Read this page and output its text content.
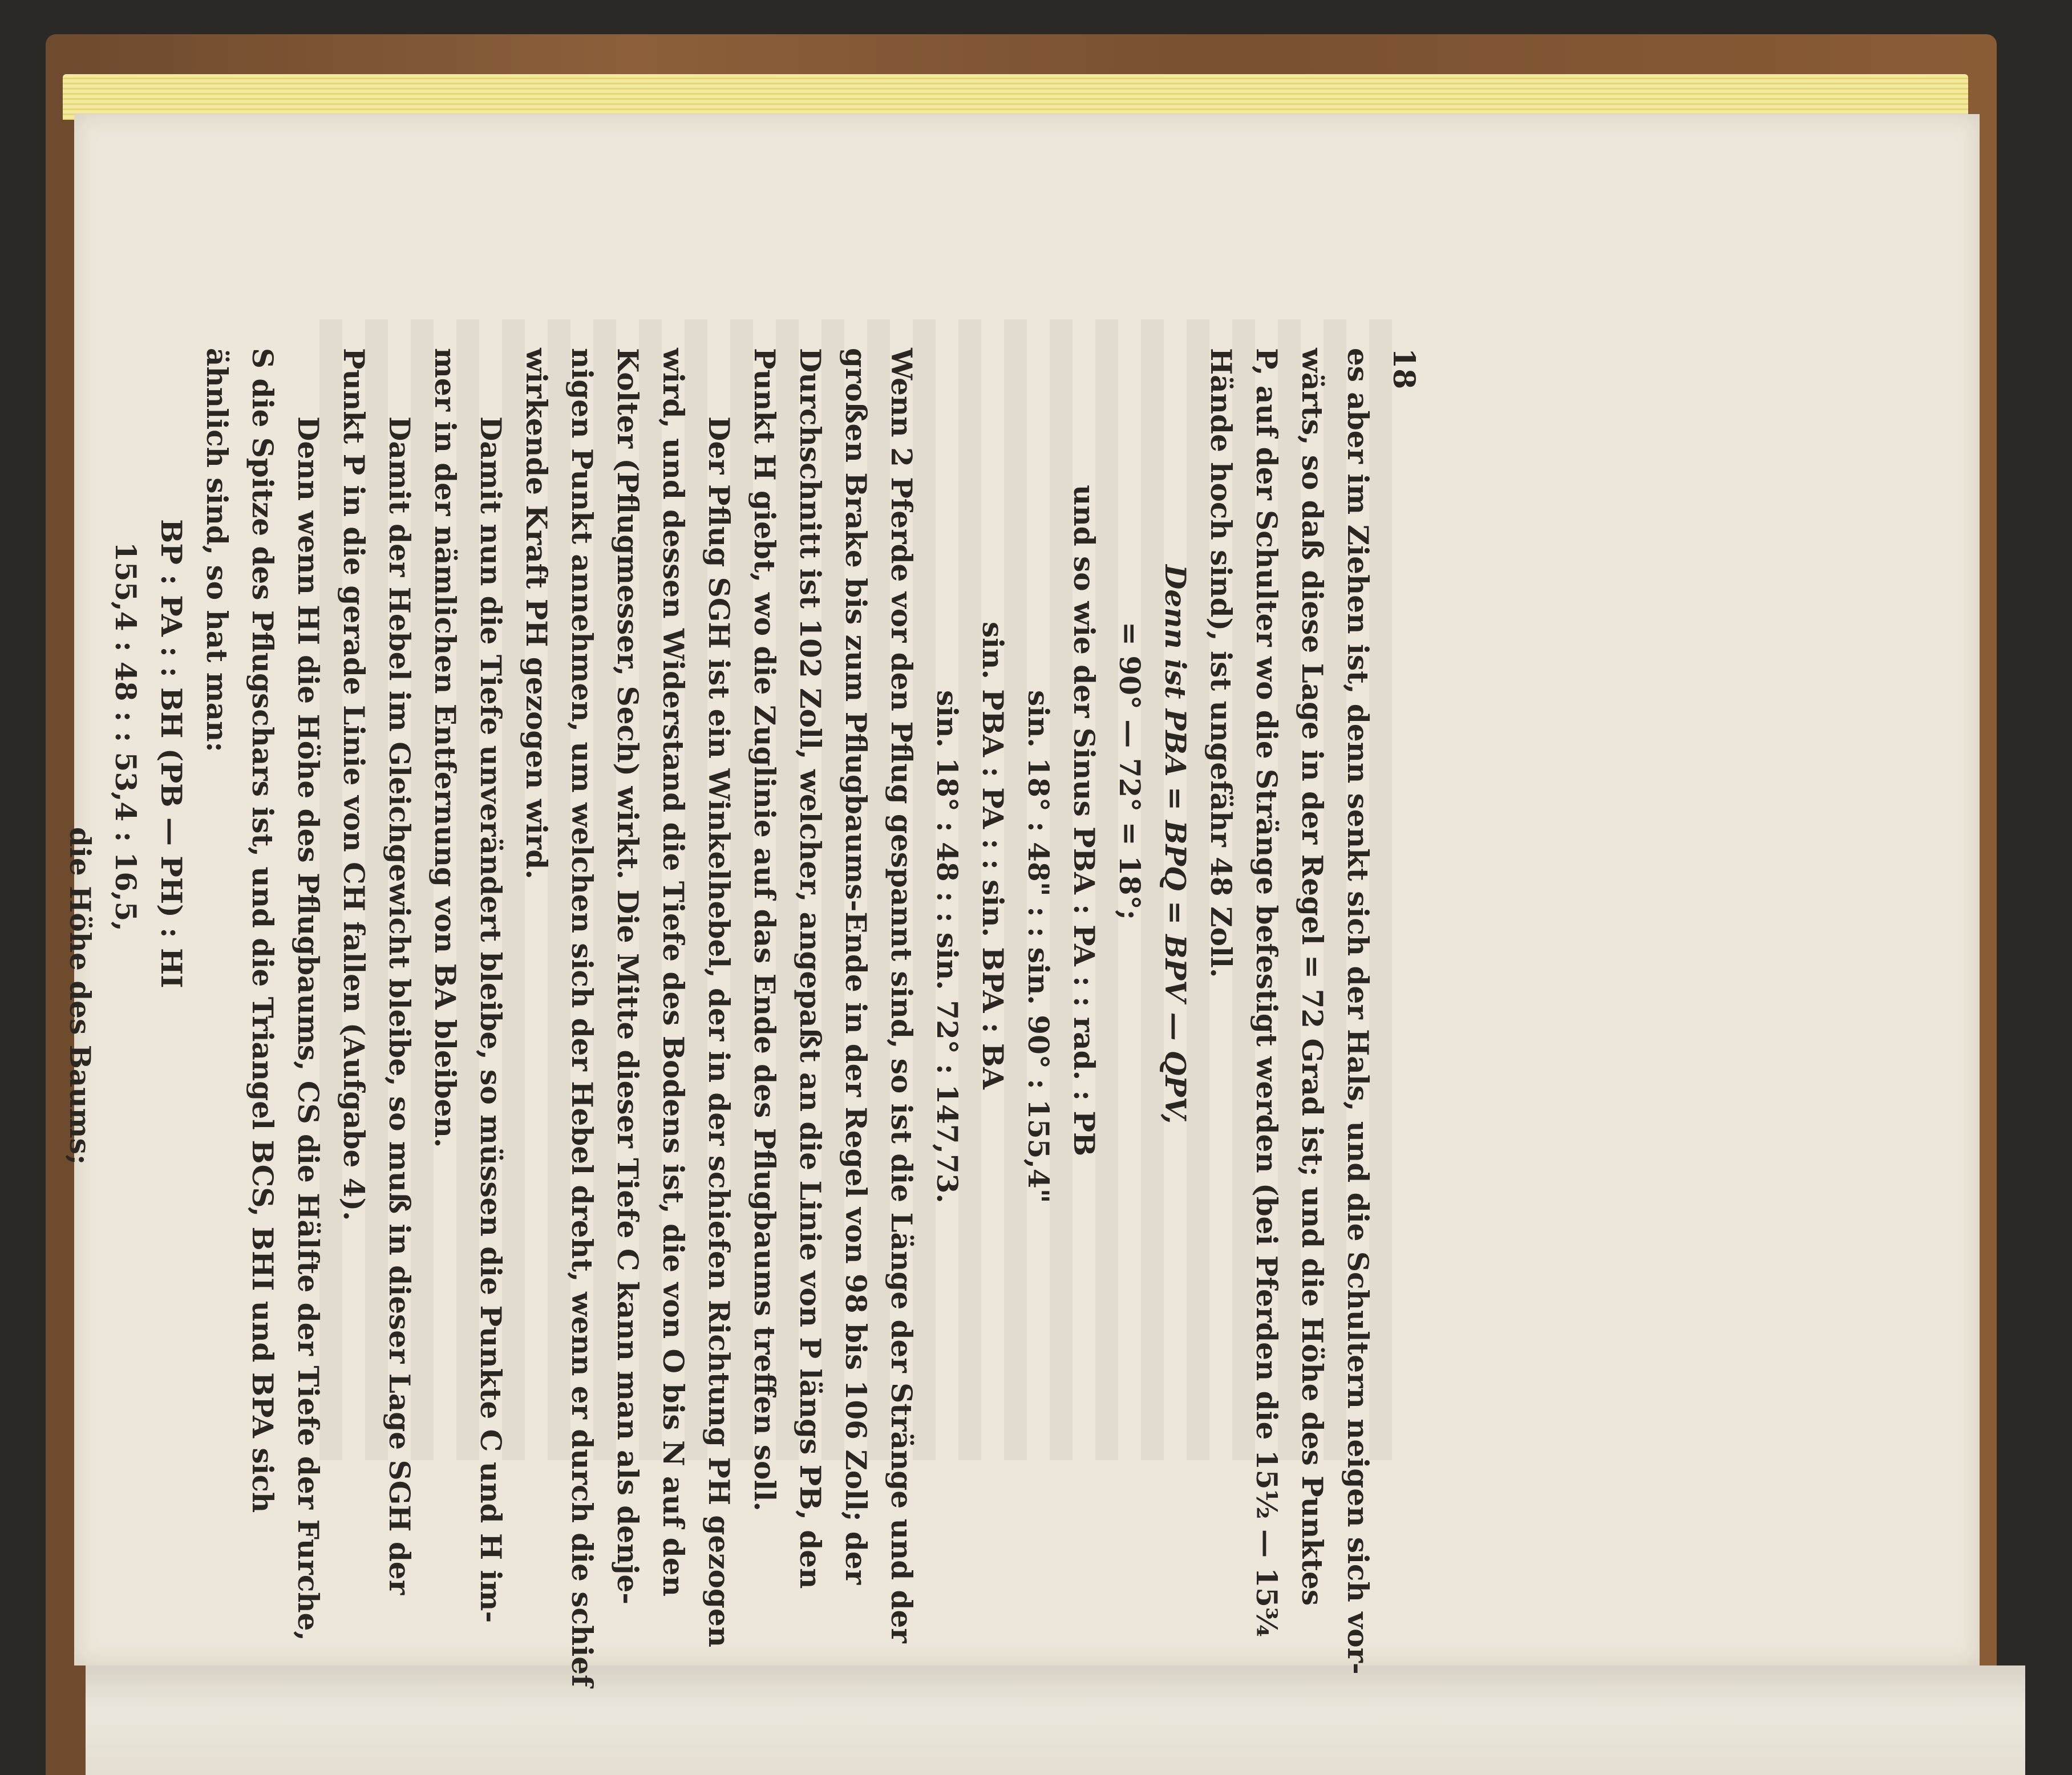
18

es aber im Ziehen ist, denn senkt sich der Hals, und die Schultern neigen sich vor-

wärts, so daß diese Lage in der Regel = 72 Grad ist; und die Höhe des Punktes

P, auf der Schulter wo die Stränge befestigt werden (bei Pferden die 15½ — 15¾

Hände hoch sind), ist ungefähr 48 Zoll.

Denn ist PBA = BPQ = BPV — QPV,

= 90° — 72° = 18°;

und so wie der Sinus PBA : PA : : rad. : PB

sin. 18° : 48" : : sin. 90° : 155,4"

sin. PBA : PA : : sin. BPA : BA

sin. 18° : 48 : : sin. 72° : 147,73.

Wenn 2 Pferde vor den Pflug gespannt sind, so ist die Länge der Stränge und der

großen Brake bis zum Pflugbaums-Ende in der Regel von 98 bis 106 Zoll; der

Durchschnitt ist 102 Zoll, welcher, angepaßt an die Linie von P längs PB, den

Punkt H giebt, wo die Zuglinie auf das Ende des Pflugbaums treffen soll.

Der Pflug SGH ist ein Winkelhebel, der in der schiefen Richtung PH gezogen

wird, und dessen Widerstand die Tiefe des Bodens ist, die von O bis N auf den

Kolter (Pflugmesser, Sech) wirkt. Die Mitte dieser Tiefe C kann man als denje-

nigen Punkt annehmen, um welchen sich der Hebel dreht, wenn er durch die schief

wirkende Kraft PH gezogen wird.

Damit nun die Tiefe unverändert bleibe, so müssen die Punkte C und H im-

mer in der nämlichen Entfernung von BA bleiben.

Damit der Hebel im Gleichgewicht bleibe, so muß in dieser Lage SGH der

Punkt P in die gerade Linie von CH fallen (Aufgabe 4).

Denn wenn HI die Höhe des Pflugbaums, CS die Hälfte der Tiefe der Furche,

S die Spitze des Pflugschars ist, und die Triangel BCS, BHI und BPA sich

ähnlich sind, so hat man:

BP : PA : : BH (PB — PH) : HI

155,4 : 48 : : 53,4 : 16,5,

die Höhe des Baums;
